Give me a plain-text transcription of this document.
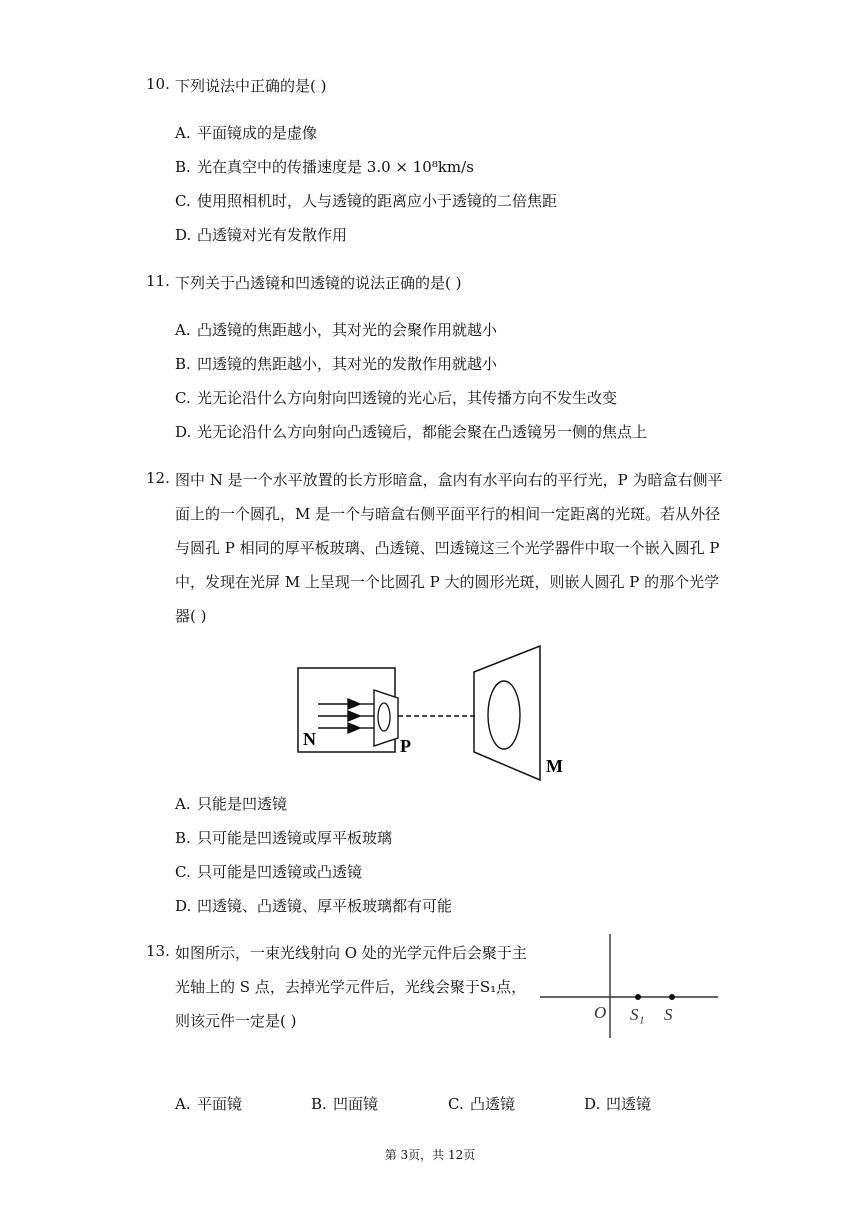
10. 下列说法中正确的是( )
A. 平面镜成的是虚像
B. 光在真空中的传播速度是 3.0 × 10⁸km/s
C. 使用照相机时，人与透镜的距离应小于透镜的二倍焦距
D. 凸透镜对光有发散作用
11. 下列关于凸透镜和凹透镜的说法正确的是( )
A. 凸透镜的焦距越小，其对光的会聚作用就越小
B. 凹透镜的焦距越小，其对光的发散作用就越小
C. 光无论沿什么方向射向凹透镜的光心后，其传播方向不发生改变
D. 光无论沿什么方向射向凸透镜后，都能会聚在凸透镜另一侧的焦点上
12. 图中 N 是一个水平放置的长方形暗盒，盒内有水平向右的平行光，P 为暗盒右侧平
面上的一个圆孔，M 是一个与暗盒右侧平面平行的相间一定距离的光斑。若从外径
与圆孔 P 相同的厚平板玻璃、凸透镜、凹透镜这三个光学器件中取一个嵌入圆孔 P
中，发现在光屏 M 上呈现一个比圆孔 P 大的圆形光斑，则嵌人圆孔 P 的那个光学
器( )
N	P
M
A. 只能是凹透镜
B. 只可能是凹透镜或厚平板玻璃
C. 只可能是凹透镜或凸透镜
D. 凹透镜、凸透镜、厚平板玻璃都有可能
13. 如图所示，一束光线射向 O 处的光学元件后会聚于主
光轴上的 S 点，去掉光学元件后，光线会聚于S₁点，
则该元件一定是( )	O S₁ S
A. 平面镜	B. 凹面镜	C. 凸透镜	D. 凹透镜
第 3页，共 12页
